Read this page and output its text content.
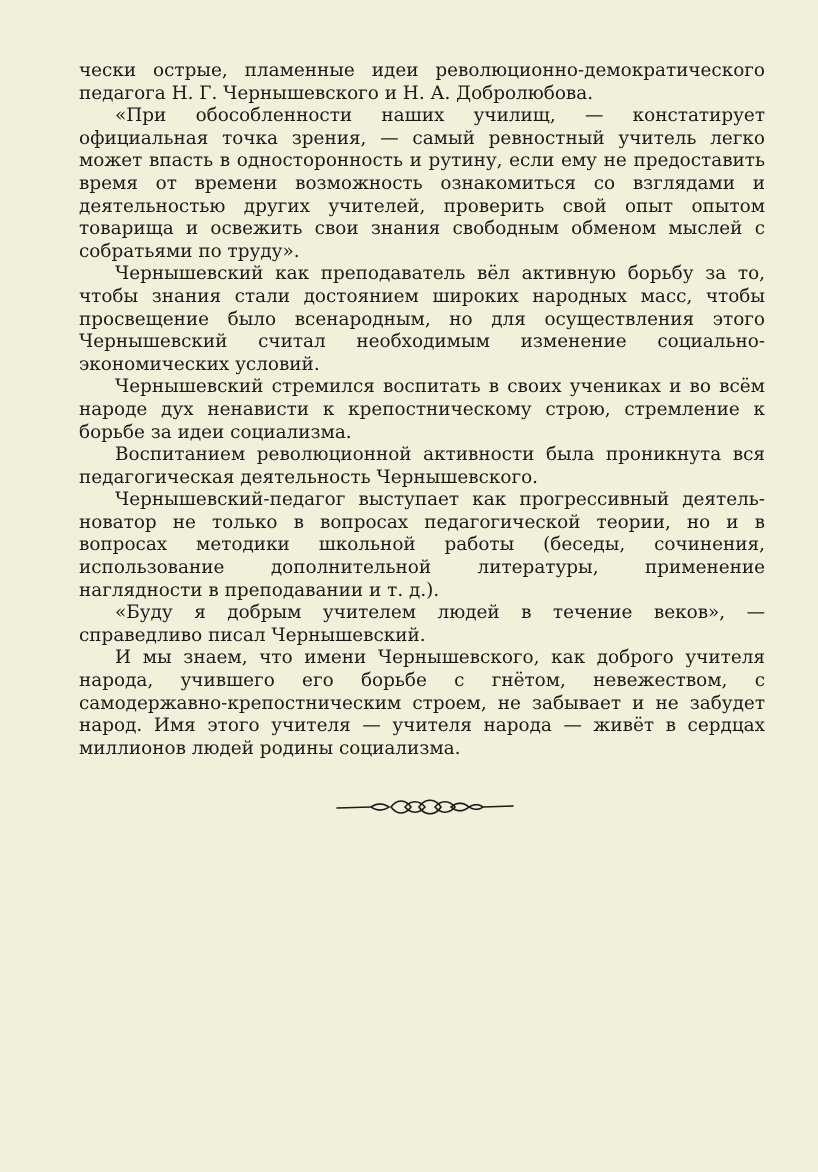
чески острые, пламенные идеи революционно-демократического педагога Н. Г. Чернышевского и Н. А. Добролюбова.

«При обособленности наших училищ, — констатирует официальная точка зрения, — самый ревностный учитель легко может впасть в односторонность и рутину, если ему не предоставить время от времени возможность ознакомиться со взглядами и деятельностью других учителей, проверить свой опыт опытом товарища и освежить свои знания свободным обменом мыслей с собратьями по труду».

Чернышевский как преподаватель вёл активную борьбу за то, чтобы знания стали достоянием широких народных масс, чтобы просвещение было всенародным, но для осуществления этого Чернышевский считал необходимым изменение социально-экономических условий.

Чернышевский стремился воспитать в своих учениках и во всём народе дух ненависти к крепостническому строю, стремление к борьбе за идеи социализма.

Воспитанием революционной активности была проникнута вся педагогическая деятельность Чернышевского.

Чернышевский-педагог выступает как прогрессивный деятель-новатор не только в вопросах педагогической теории, но и в вопросах методики школьной работы (беседы, сочинения, использование дополнительной литературы, применение наглядности в преподавании и т. д.).

«Буду я добрым учителем людей в течение веков», — справедливо писал Чернышевский.

И мы знаем, что имени Чернышевского, как доброго учителя народа, учившего его борьбе с гнётом, невежеством, с самодержавно-крепостническим строем, не забывает и не забудет народ. Имя этого учителя — учителя народа — живёт в сердцах миллионов людей родины социализма.
